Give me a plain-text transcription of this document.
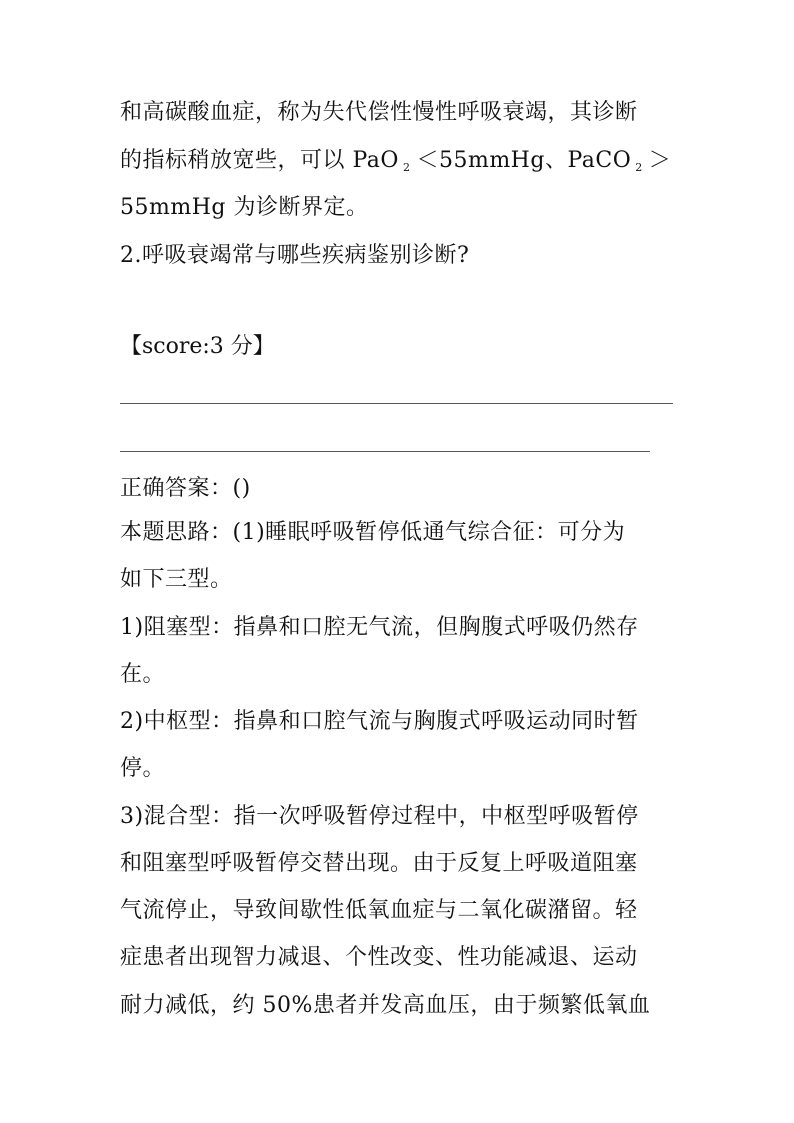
和高碳酸血症，称为失代偿性慢性呼吸衰竭，其诊断
的指标稍放宽些，可以 PaO $_2$ ＜55mmHg、PaCO $_2$ ＞
55mmHg 为诊断界定。
2.呼吸衰竭常与哪些疾病鉴别诊断?
【score:3 分】
正确答案：()
本题思路：(1)睡眠呼吸暂停低通气综合征：可分为
如下三型。
1)阻塞型：指鼻和口腔无气流，但胸腹式呼吸仍然存
在。
2)中枢型：指鼻和口腔气流与胸腹式呼吸运动同时暂
停。
3)混合型：指一次呼吸暂停过程中，中枢型呼吸暂停
和阻塞型呼吸暂停交替出现。由于反复上呼吸道阻塞
气流停止，导致间歇性低氧血症与二氧化碳潴留。轻
症患者出现智力减退、个性改变、性功能减退、运动
耐力减低，约 50%患者并发高血压，由于频繁低氧血
